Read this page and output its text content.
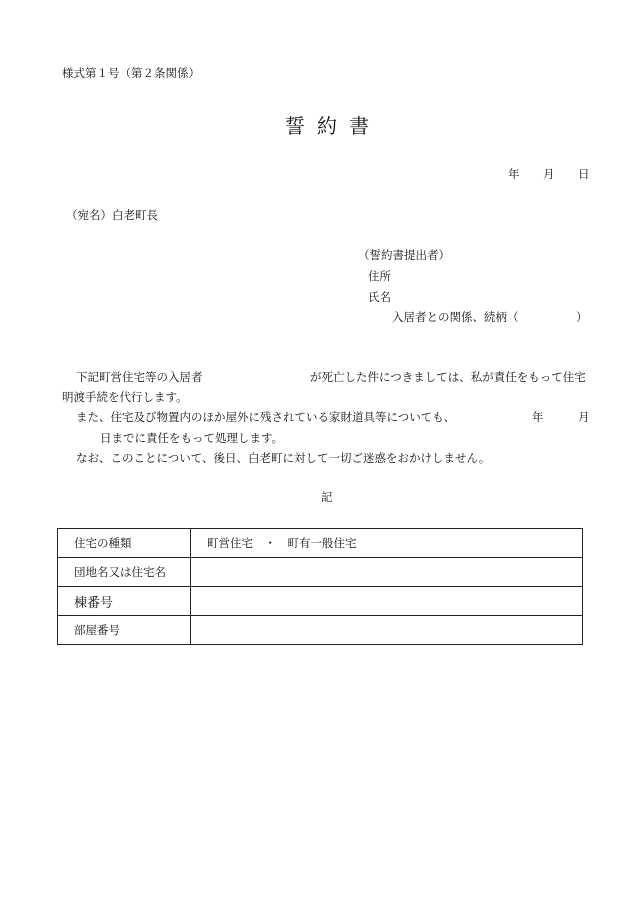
様式第１号（第２条関係）
誓約書
年 月 日
（宛名）白老町長
（誓約書提出者）
住所
氏名
入居者との関係、続柄（	）
下記町営住宅等の入居者	が死亡した件につきましては、私が責任をもって住宅
明渡手続を代行します。
また、住宅及び物置内のほか屋外に残されている家財道具等についても、	年	月
日までに責任をもって処理します。
なお、このことについて、後日、白老町に対して一切ご迷惑をおかけしません。
記
住宅の種類	町営住宅　・　町有一般住宅
団地名又は住宅名	
棟番号	
部屋番号	
